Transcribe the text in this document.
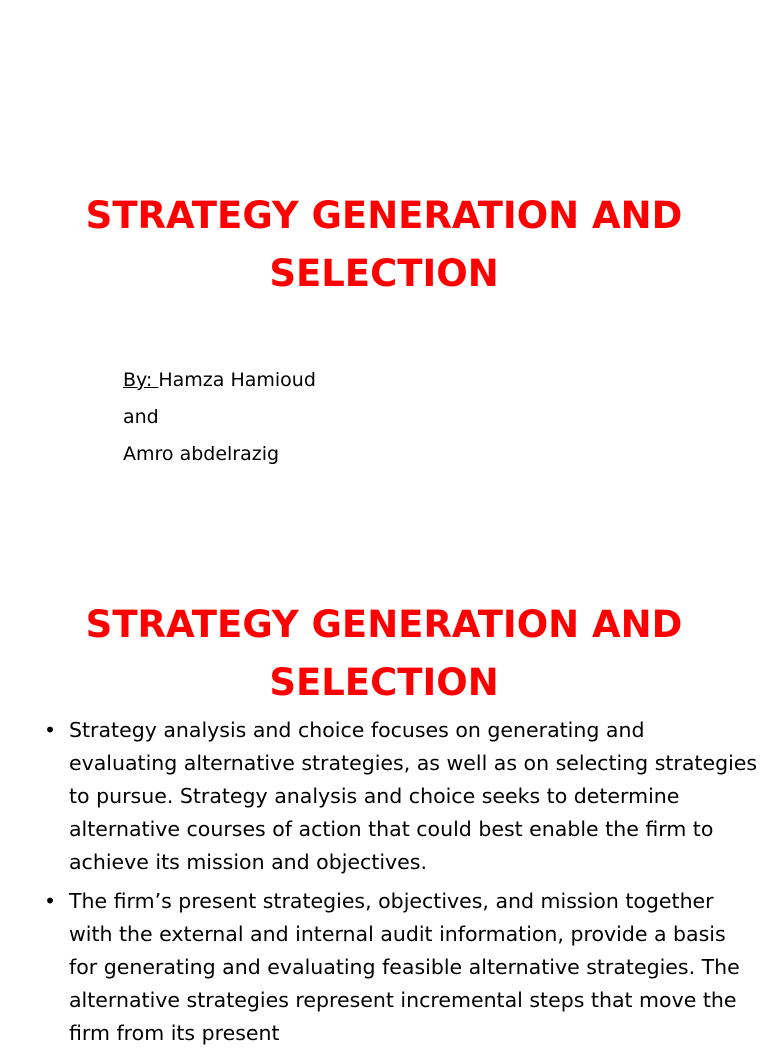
STRATEGY GENERATION AND
SELECTION
By: Hamza Hamioud
and
Amro abdelrazig
STRATEGY GENERATION AND
SELECTION
• Strategy analysis and choice focuses on generating and evaluating alternative strategies, as well as on selecting strategies to pursue. Strategy analysis and choice seeks to determine alternative courses of action that could best enable the firm to achieve its mission and objectives.
• The firm’s present strategies, objectives, and mission together with the external and internal audit information, provide a basis for generating and evaluating feasible alternative strategies. The alternative strategies represent incremental steps that move the firm from its present
